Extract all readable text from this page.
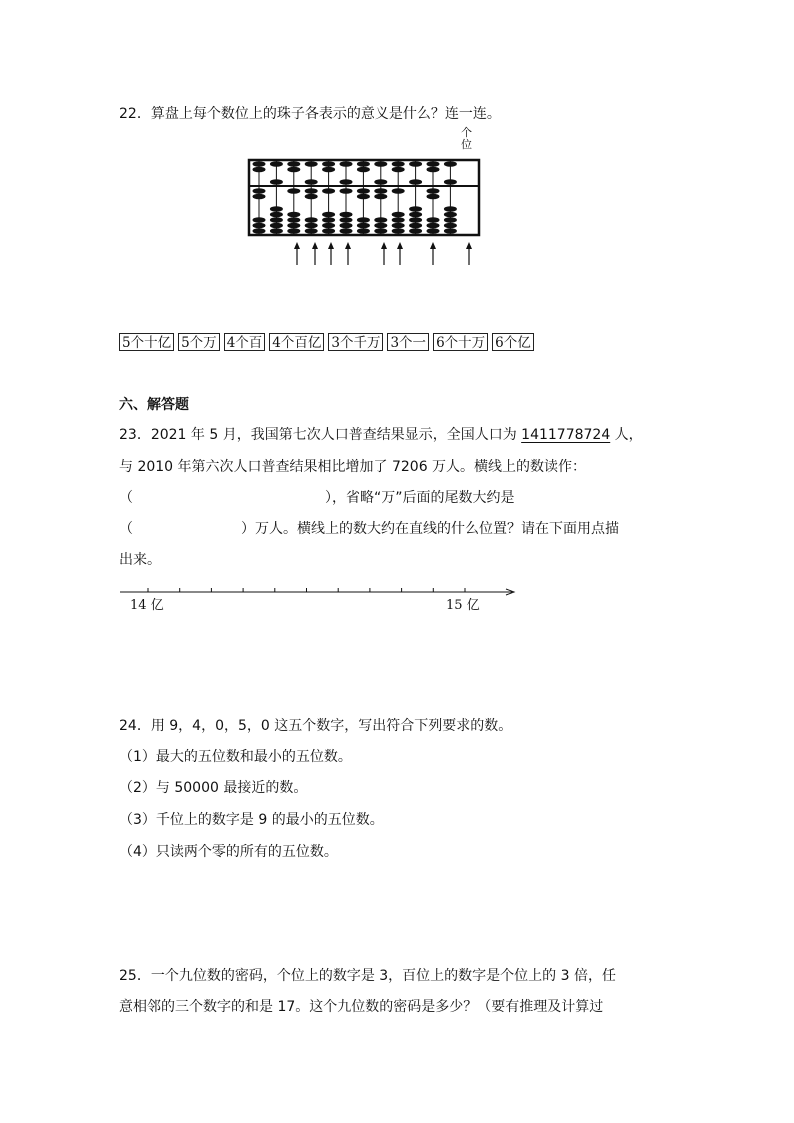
22．算盘上每个数位上的珠子各表示的意义是什么？连一连。
个
位
5个十亿 5个万 4个百 4个百亿 3个千万 3个一 6个十万 6个亿
六、解答题
23．2021 年 5 月，我国第七次人口普查结果显示，全国人口为 1411778724 人，
与 2010 年第六次人口普查结果相比增加了 7206 万人。横线上的数读作：
（	），省略“万”后面的尾数大约是
（	）万人。横线上的数大约在直线的什么位置？请在下面用点描
出来。
14 亿	15 亿
24．用 9，4，0，5，0 这五个数字，写出符合下列要求的数。
（1）最大的五位数和最小的五位数。
（2）与 50000 最接近的数。
（3）千位上的数字是 9 的最小的五位数。
（4）只读两个零的所有的五位数。
25．一个九位数的密码，个位上的数字是 3，百位上的数字是个位上的 3 倍，任
意相邻的三个数字的和是 17。这个九位数的密码是多少？（要有推理及计算过
